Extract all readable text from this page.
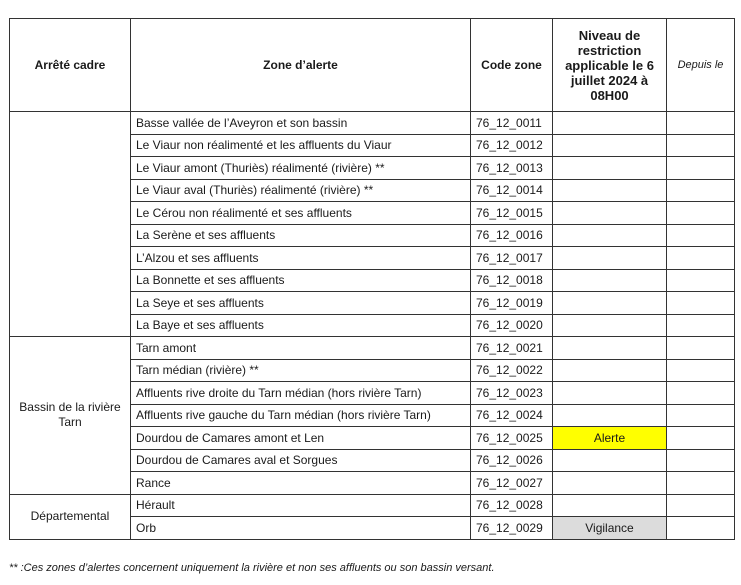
Arrêté cadre	Zone d’alerte	Code zone	Niveau de restriction applicable le 6 juillet 2024 à 08H00	Depuis le
	Basse vallée de l’Aveyron et son bassin	76_12_0011		
	Le Viaur non réalimenté et les affluents du Viaur	76_12_0012		
	Le Viaur amont (Thuriès) réalimenté (rivière) **	76_12_0013		
	Le Viaur aval (Thuriès) réalimenté (rivière) **	76_12_0014		
	Le Cérou non réalimenté et ses affluents	76_12_0015		
	La Serène et ses affluents	76_12_0016		
	L’Alzou et ses affluents	76_12_0017		
	La Bonnette et ses affluents	76_12_0018		
	La Seye et ses affluents	76_12_0019		
	La Baye et ses affluents	76_12_0020		
Bassin de la rivière Tarn	Tarn amont	76_12_0021		
	Tarn médian (rivière) **	76_12_0022		
	Affluents rive droite du Tarn médian (hors rivière Tarn)	76_12_0023		
	Affluents rive gauche du Tarn médian (hors rivière Tarn)	76_12_0024		
	Dourdou de Camares amont et Len	76_12_0025	Alerte	
	Dourdou de Camares aval et Sorgues	76_12_0026		
	Rance	76_12_0027		
Départemental	Hérault	76_12_0028		
	Orb	76_12_0029	Vigilance	
** :Ces zones d’alertes concernent uniquement la rivière et non ses affluents ou son bassin versant.
